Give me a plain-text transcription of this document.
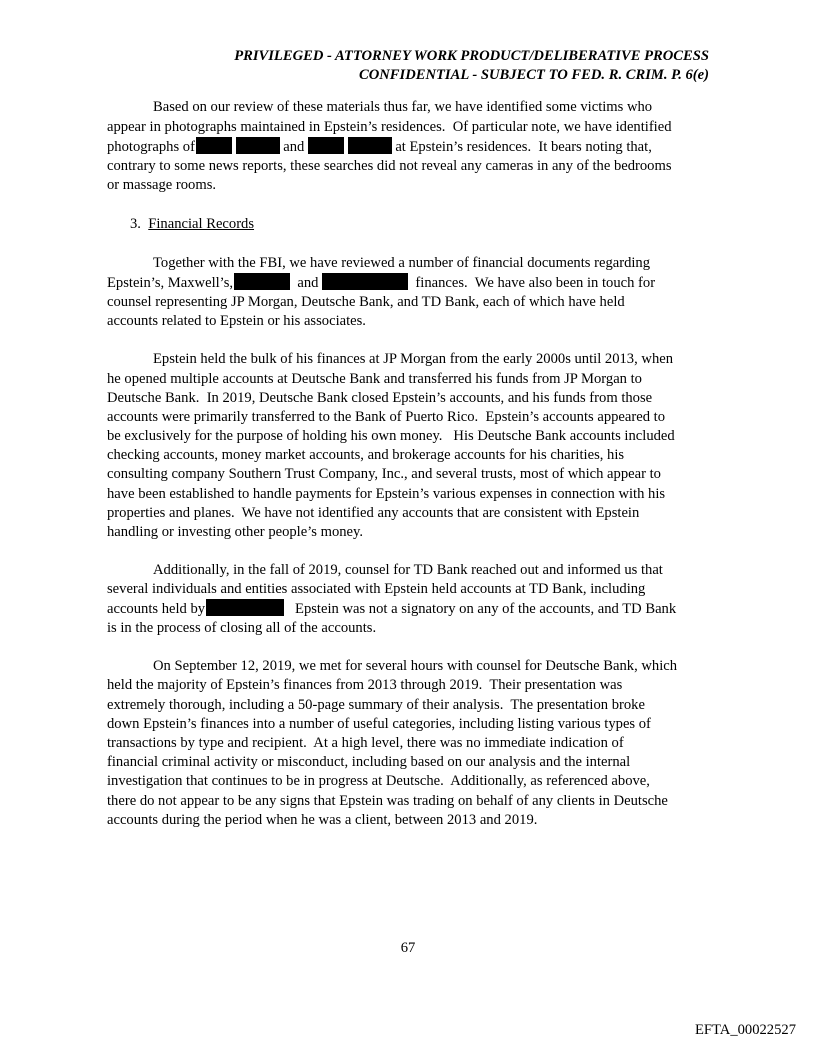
PRIVILEGED - ATTORNEY WORK PRODUCT/DELIBERATIVE PROCESS
CONFIDENTIAL - SUBJECT TO FED. R. CRIM. P. 6(e)
Based on our review of these materials thus far, we have identified some victims who
appear in photographs maintained in Epstein’s residences.  Of particular note, we have identified
photographs of	and	at Epstein’s residences.  It bears noting that,
contrary to some news reports, these searches did not reveal any cameras in any of the bedrooms
or massage rooms.
3. Financial Records
Together with the FBI, we have reviewed a number of financial documents regarding
Epstein’s, Maxwell’s,	and	finances.  We have also been in touch for
counsel representing JP Morgan, Deutsche Bank, and TD Bank, each of which have held
accounts related to Epstein or his associates.
Epstein held the bulk of his finances at JP Morgan from the early 2000s until 2013, when
he opened multiple accounts at Deutsche Bank and transferred his funds from JP Morgan to
Deutsche Bank.  In 2019, Deutsche Bank closed Epstein’s accounts, and his funds from those
accounts were primarily transferred to the Bank of Puerto Rico.  Epstein’s accounts appeared to
be exclusively for the purpose of holding his own money.   His Deutsche Bank accounts included
checking accounts, money market accounts, and brokerage accounts for his charities, his
consulting company Southern Trust Company, Inc., and several trusts, most of which appear to
have been established to handle payments for Epstein’s various expenses in connection with his
properties and planes.  We have not identified any accounts that are consistent with Epstein
handling or investing other people’s money.
Additionally, in the fall of 2019, counsel for TD Bank reached out and informed us that
several individuals and entities associated with Epstein held accounts at TD Bank, including
accounts held by	Epstein was not a signatory on any of the accounts, and TD Bank
is in the process of closing all of the accounts.
On September 12, 2019, we met for several hours with counsel for Deutsche Bank, which
held the majority of Epstein’s finances from 2013 through 2019.  Their presentation was
extremely thorough, including a 50-page summary of their analysis.  The presentation broke
down Epstein’s finances into a number of useful categories, including listing various types of
transactions by type and recipient.  At a high level, there was no immediate indication of
financial criminal activity or misconduct, including based on our analysis and the internal
investigation that continues to be in progress at Deutsche.  Additionally, as referenced above,
there do not appear to be any signs that Epstein was trading on behalf of any clients in Deutsche
accounts during the period when he was a client, between 2013 and 2019.
67
EFTA_00022527
